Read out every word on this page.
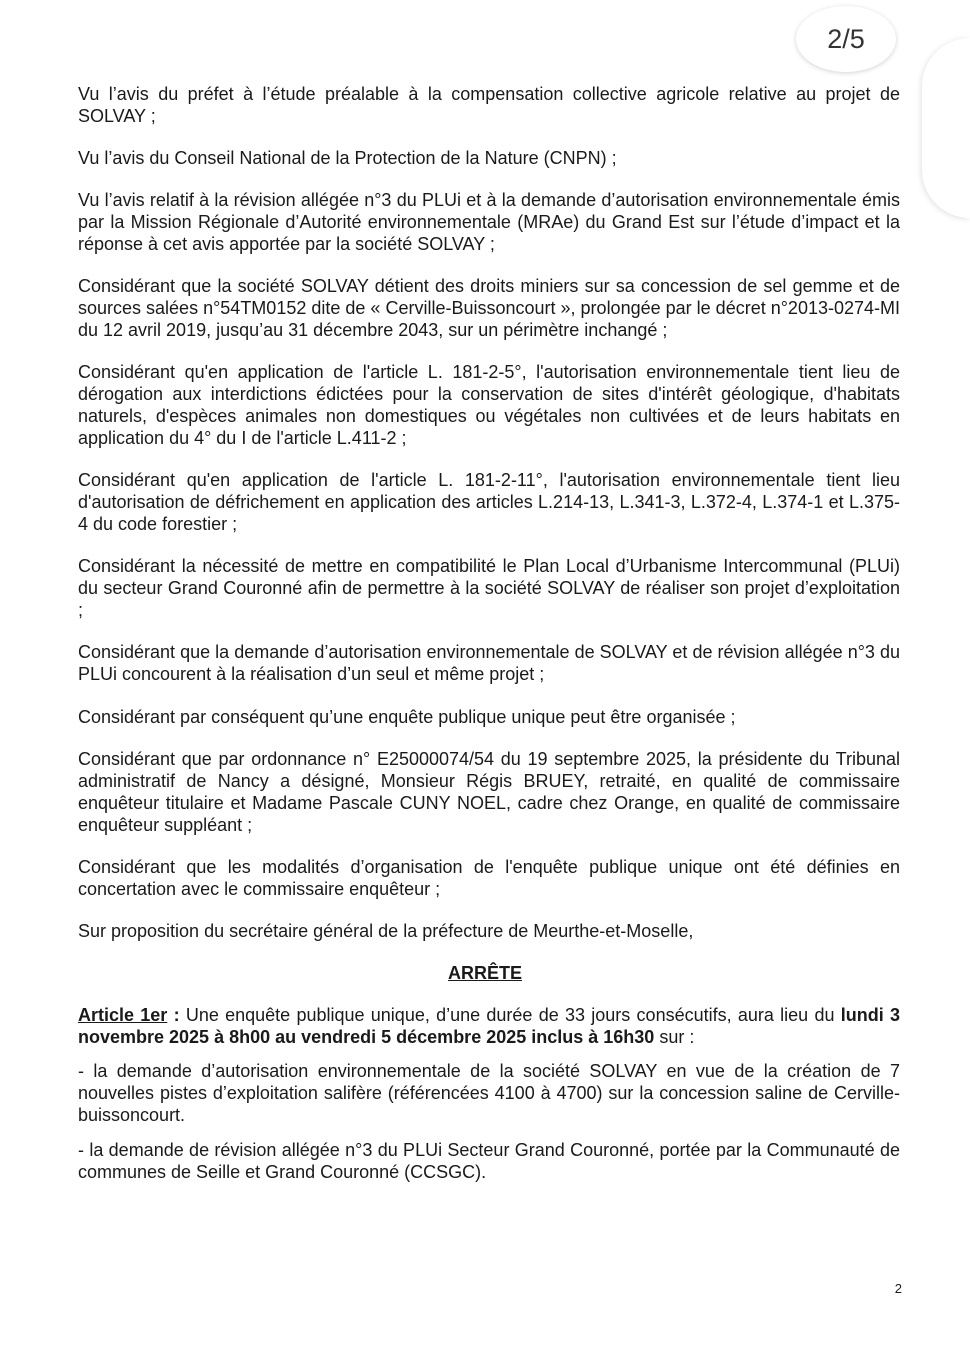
Vu l’avis du préfet à l’étude préalable à la compensation collective agricole relative au projet de SOLVAY ;

Vu l’avis du Conseil National de la Protection de la Nature (CNPN) ;

Vu l’avis relatif à la révision allégée n°3 du PLUi et à la demande d’autorisation environnementale émis par la Mission Régionale d’Autorité environnementale (MRAe) du Grand Est sur l’étude d’impact et la réponse à cet avis apportée par la société SOLVAY ;

Considérant que la société SOLVAY détient des droits miniers sur sa concession de sel gemme et de sources salées n°54TM0152 dite de « Cerville-Buissoncourt », prolongée par le décret n°2013-0274-MI du 12 avril 2019, jusqu’au 31 décembre 2043, sur un périmètre inchangé ;

Considérant qu'en application de l'article L. 181-2-5°, l'autorisation environnementale tient lieu de dérogation aux interdictions édictées pour la conservation de sites d'intérêt géologique, d'habitats naturels, d'espèces animales non domestiques ou végétales non cultivées et de leurs habitats en application du 4° du I de l'article L.411-2 ;

Considérant qu'en application de l'article L. 181-2-11°, l'autorisation environnementale tient lieu d'autorisation de défrichement en application des articles L.214-13, L.341-3, L.372-4, L.374-1 et L.375-4 du code forestier ;

Considérant la nécessité de mettre en compatibilité le Plan Local d’Urbanisme Intercommunal (PLUi) du secteur Grand Couronné afin de permettre à la société SOLVAY de réaliser son projet d’exploitation ;

Considérant que la demande d’autorisation environnementale de SOLVAY et de révision allégée n°3 du PLUi concourent à la réalisation d’un seul et même projet ;

Considérant par conséquent qu’une enquête publique unique peut être organisée ;

Considérant que par ordonnance n° E25000074/54 du 19 septembre 2025, la présidente du Tribunal administratif de Nancy a désigné, Monsieur Régis BRUEY, retraité, en qualité de commissaire enquêteur titulaire et Madame Pascale CUNY NOEL, cadre chez Orange, en qualité de commissaire enquêteur suppléant ;

Considérant que les modalités d’organisation de l'enquête publique unique ont été définies en concertation avec le commissaire enquêteur ;

Sur proposition du secrétaire général de la préfecture de Meurthe-et-Moselle,

ARRÊTE

Article 1er : Une enquête publique unique, d’une durée de 33 jours consécutifs, aura lieu du lundi 3 novembre 2025 à 8h00 au vendredi 5 décembre 2025 inclus à 16h30 sur :

- la demande d’autorisation environnementale de la société SOLVAY en vue de la création de 7 nouvelles pistes d’exploitation salifère (référencées 4100 à 4700) sur la concession saline de Cerville-buissoncourt.

- la demande de révision allégée n°3 du PLUi Secteur Grand Couronné, portée par la Communauté de communes de Seille et Grand Couronné (CCSGC).

2
2/5
